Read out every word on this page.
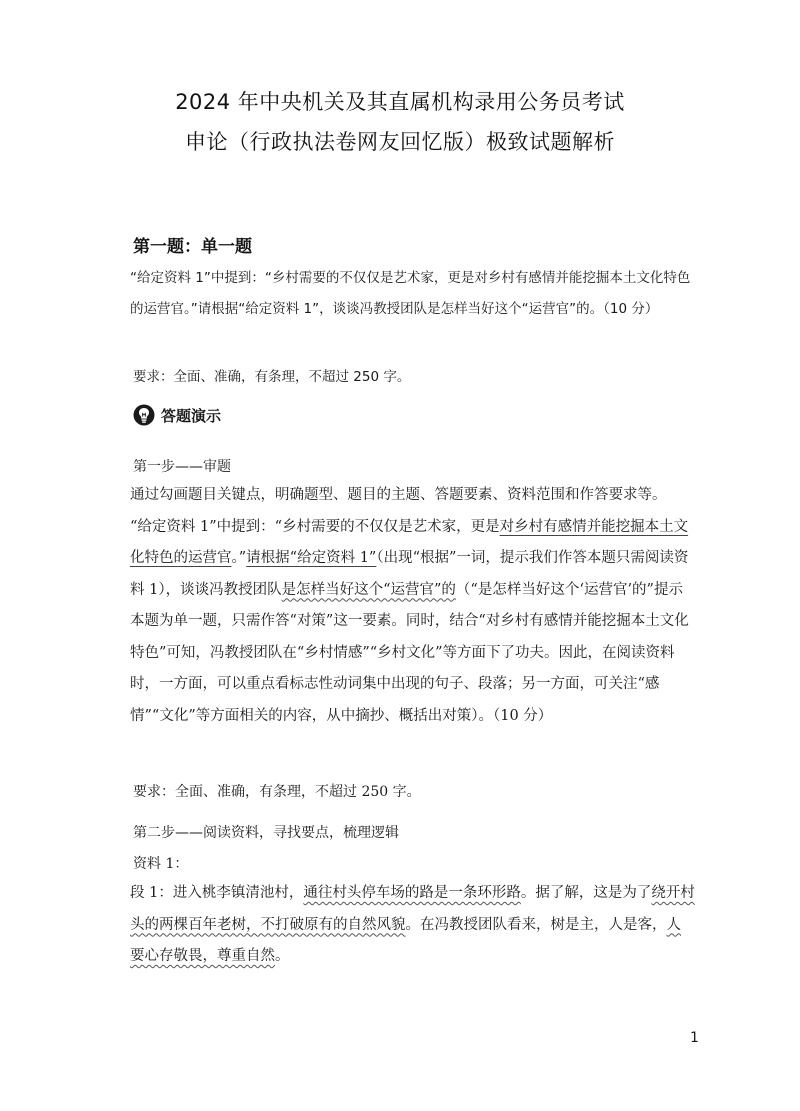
2024 年中央机关及其直属机构录用公务员考试
申论（行政执法卷网友回忆版）极致试题解析
第一题：单一题
“给定资料 1”中提到：“乡村需要的不仅仅是艺术家，更是对乡村有感情并能挖掘本土文化特色的运营官。”请根据“给定资料 1”，谈谈冯教授团队是怎样当好这个“运营官”的。（10 分）
要求：全面、准确，有条理，不超过 250 字。
答题演示
第一步——审题
通过勾画题目关键点，明确题型、题目的主题、答题要素、资料范围和作答要求等。
“给定资料 1”中提到：“乡村需要的不仅仅是艺术家，更是对乡村有感情并能挖掘本土文化特色的运营官。”请根据“给定资料 1”（出现“根据”一词，提示我们作答本题只需阅读资料 1），谈谈冯教授团队是怎样当好这个“运营官”的（“是怎样当好这个‘运营官’的”提示本题为单一题，只需作答“对策”这一要素。同时，结合“对乡村有感情并能挖掘本土文化特色”可知，冯教授团队在“乡村情感”“乡村文化”等方面下了功夫。因此，在阅读资料时，一方面，可以重点看标志性动词集中出现的句子、段落；另一方面，可关注“感情”“文化”等方面相关的内容，从中摘抄、概括出对策）。（10 分）
要求：全面、准确，有条理，不超过 250 字。
第二步——阅读资料，寻找要点，梳理逻辑
资料 1：
段 1：进入桃李镇清池村，通往村头停车场的路是一条环形路。据了解，这是为了绕开村头的两棵百年老树，不打破原有的自然风貌。在冯教授团队看来，树是主，人是客，人要心存敬畏，尊重自然。
1
